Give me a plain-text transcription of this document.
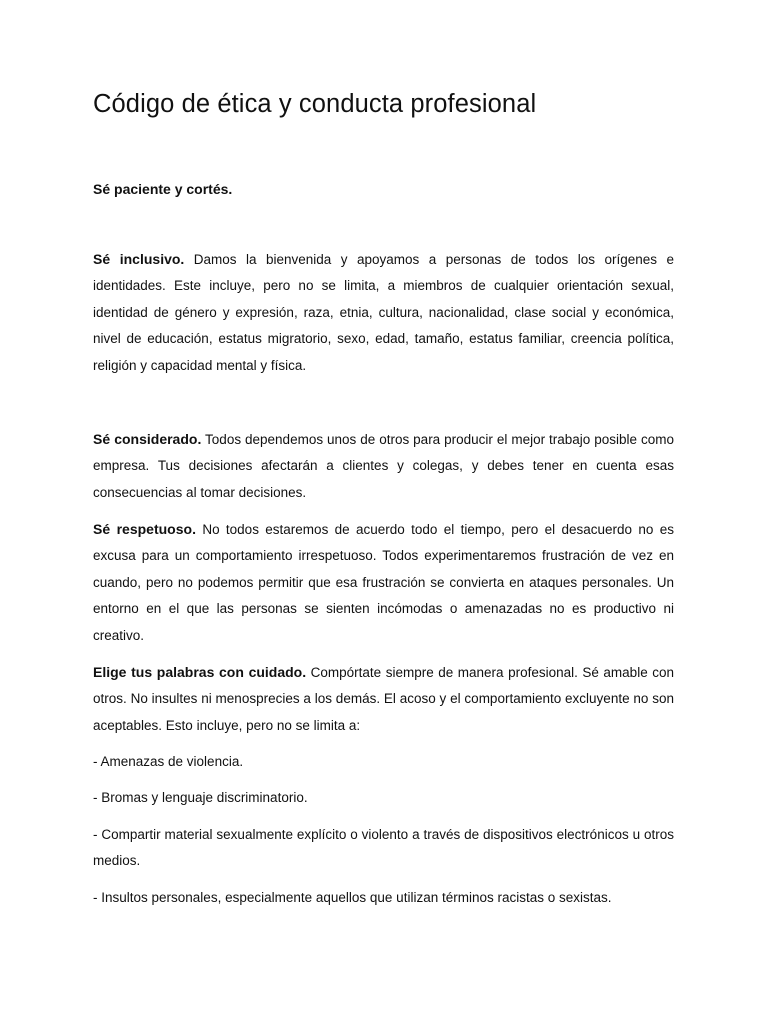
Código de ética y conducta profesional

Sé paciente y cortés.

Sé inclusivo. Damos la bienvenida y apoyamos a personas de todos los orígenes e identidades. Este incluye, pero no se limita, a miembros de cualquier orientación sexual, identidad de género y expresión, raza, etnia, cultura, nacionalidad, clase social y económica, nivel de educación, estatus migratorio, sexo, edad, tamaño, estatus familiar, creencia política, religión y capacidad mental y física.

Sé considerado. Todos dependemos unos de otros para producir el mejor trabajo posible como empresa. Tus decisiones afectarán a clientes y colegas, y debes tener en cuenta esas consecuencias al tomar decisiones.

Sé respetuoso. No todos estaremos de acuerdo todo el tiempo, pero el desacuerdo no es excusa para un comportamiento irrespetuoso. Todos experimentaremos frustración de vez en cuando, pero no podemos permitir que esa frustración se convierta en ataques personales. Un entorno en el que las personas se sienten incómodas o amenazadas no es productivo ni creativo.

Elige tus palabras con cuidado. Compórtate siempre de manera profesional. Sé amable con otros. No insultes ni menosprecies a los demás. El acoso y el comportamiento excluyente no son aceptables. Esto incluye, pero no se limita a:

- Amenazas de violencia.

- Bromas y lenguaje discriminatorio.

- Compartir material sexualmente explícito o violento a través de dispositivos electrónicos u otros medios.

- Insultos personales, especialmente aquellos que utilizan términos racistas o sexistas.
